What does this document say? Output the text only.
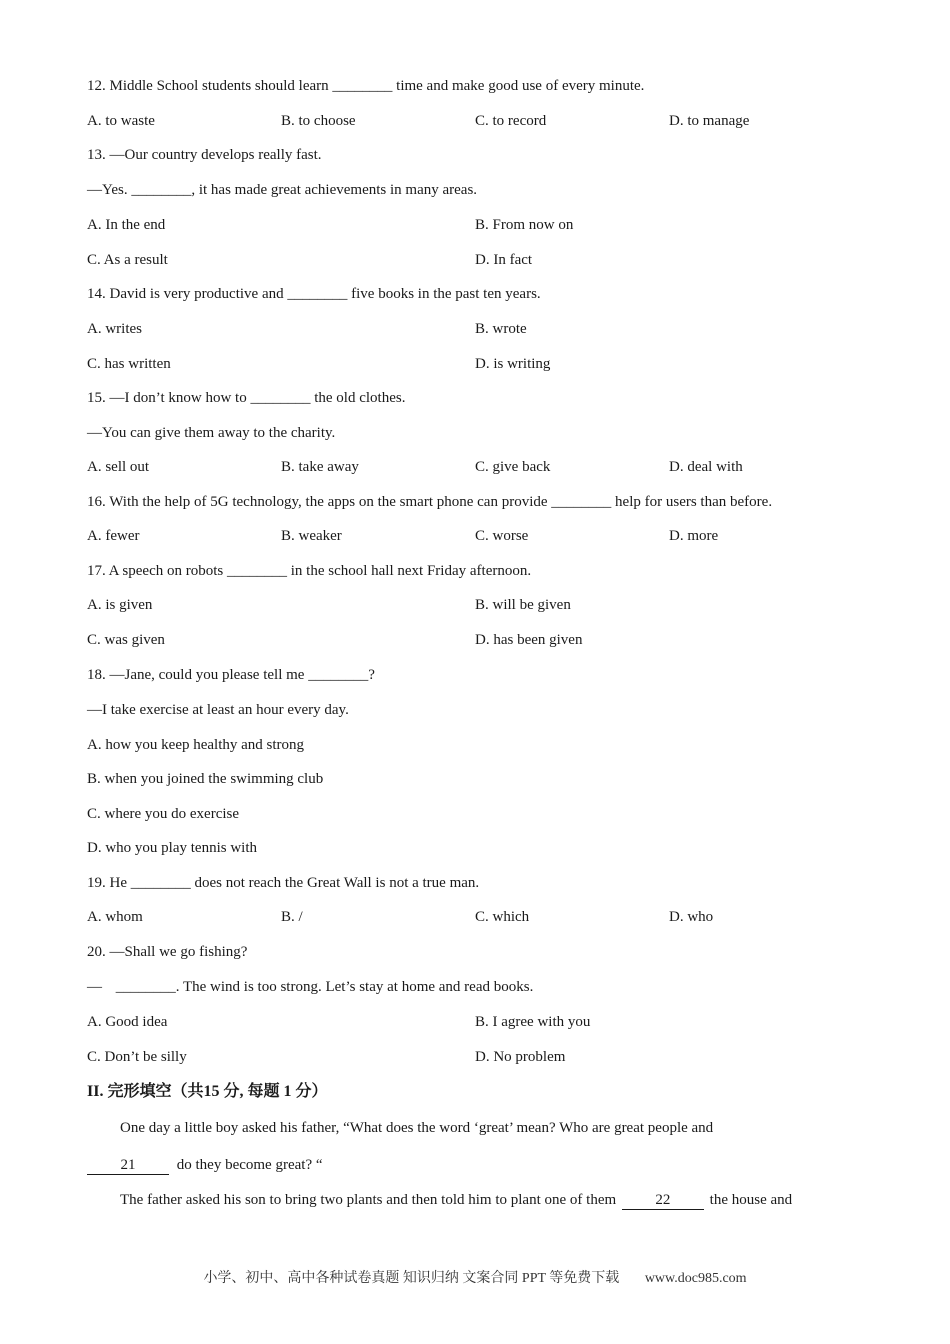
12. Middle School students should learn ________ time and make good use of every minute.
A. to waste	B. to choose	C. to record	D. to manage
13. —Our country develops really fast.
—Yes. ________, it has made great achievements in many areas.
A. In the end	B. From now on
C. As a result	D. In fact
14. David is very productive and ________ five books in the past ten years.
A. writes	B. wrote
C. has written	D. is writing
15. —I don’t know how to ________ the old clothes.
—You can give them away to the charity.
A. sell out	B. take away	C. give back	D. deal with
16. With the help of 5G technology, the apps on the smart phone can provide ________ help for users than before.
A. fewer	B. weaker	C. worse	D. more
17. A speech on robots ________ in the school hall next Friday afternoon.
A. is given	B. will be given
C. was given	D. has been given
18. —Jane, could you please tell me ________?
—I take exercise at least an hour every day.
A. how you keep healthy and strong
B. when you joined the swimming club
C. where you do exercise
D. who you play tennis with
19. He ________ does not reach the Great Wall is not a true man.
A. whom	B. /	C. which	D. who
20. —Shall we go fishing?
— ________. The wind is too strong. Let’s stay at home and read books.
A. Good idea	B. I agree with you
C. Don’t be silly	D. No problem
II. 完形填空（共15 分, 每题 1 分）
One day a little boy asked his father, “What does the word ‘great’ mean? Who are great people and
21	do they become great? “
The father asked his son to bring two plants and then told him to plant one of them	22	the house and
小学、初中、高中各种试卷真题 知识归纳 文案合同 PPT 等免费下载 www.doc985.com
